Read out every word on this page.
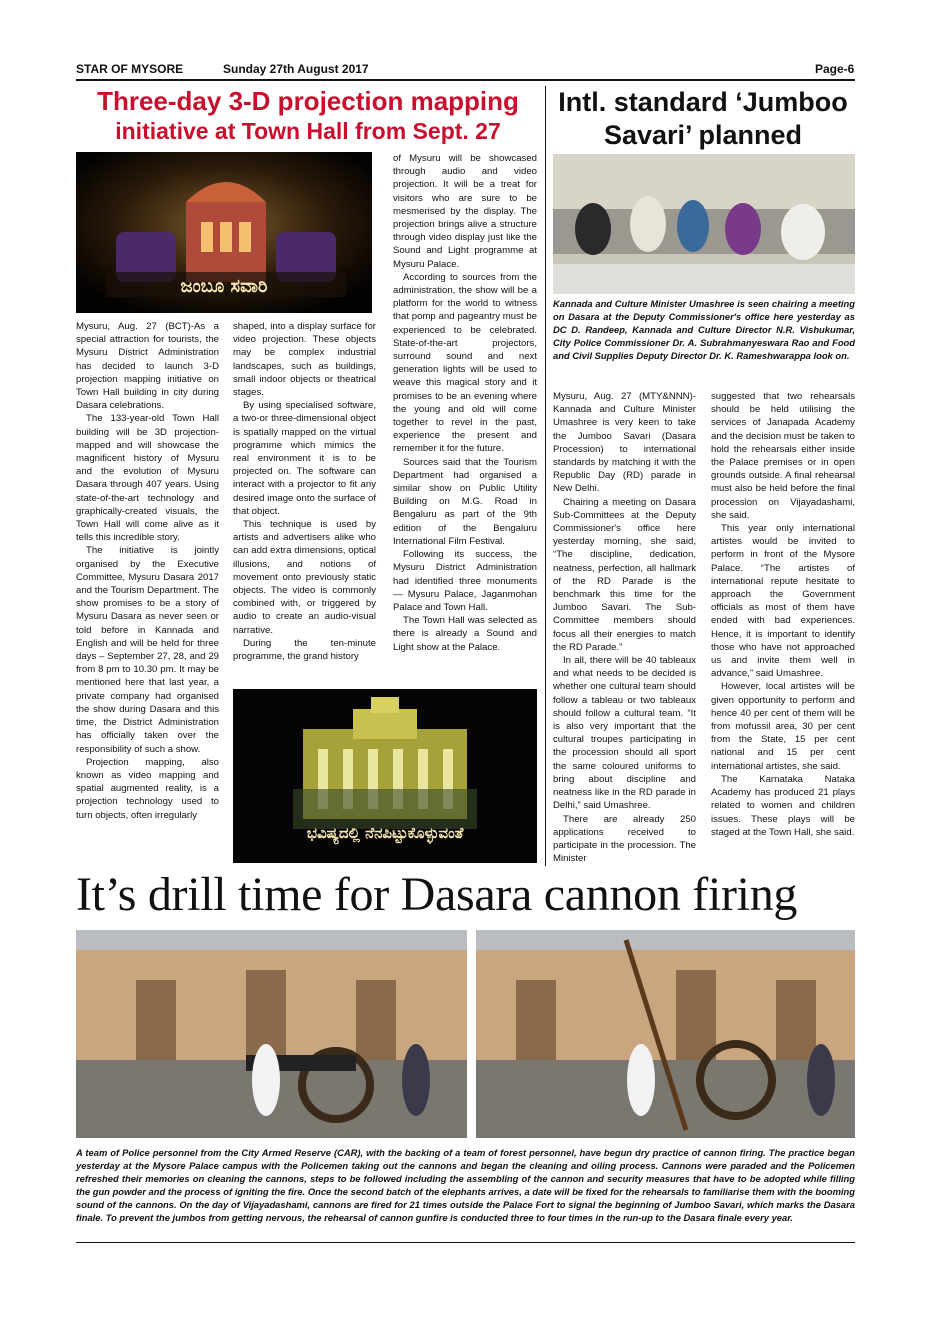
STAR OF MYSORE	Sunday 27th August 2017	Page-6
Three-day 3-D projection mapping
initiative at Town Hall from Sept. 27
Intl. standard ‘Jumboo
Savari’ planned
ಜಂಬೂ ಸವಾರಿ
ಭವಿಷ್ಯದಲ್ಲಿ ನೆನಪಿಟ್ಟುಕೊಳ್ಳುವಂತೆ

Mysuru, Aug. 27 (BCT)-As a special attraction for tourists, the Mysuru District Administration has decided to launch 3-D projection mapping initiative on Town Hall building in city during Dasara celebrations.

The 133-year-old Town Hall building will be 3D projection-mapped and will showcase the magnificent history of Mysuru and the evolution of Mysuru Dasara through 407 years. Using state-of-the-art technology and graphically-created visuals, the Town Hall will come alive as it tells this incredible story.

The initiative is jointly organised by the Executive Committee, Mysuru Dasara 2017 and the Tourism Department. The show promises to be a story of Mysuru Dasara as never seen or told before in Kannada and English and will be held for three days – September 27, 28, and 29 from 8 pm to 10.30 pm. It may be mentioned here that last year, a private company had organised the show during Dasara and this time, the District Administration has officially taken over the responsibility of such a show.

Projection mapping, also known as video mapping and spatial augmented reality, is a projection technology used to turn objects, often irregularly

shaped, into a display surface for video projection. These objects may be complex industrial landscapes, such as buildings, small indoor objects or theatrical stages.

By using specialised software, a two-or three-dimensional object is spatially mapped on the virtual programme which mimics the real environment it is to be projected on. The software can interact with a projector to fit any desired image onto the surface of that object.

This technique is used by artists and advertisers alike who can add extra dimensions, optical illusions, and notions of movement onto previously static objects. The video is commonly combined with, or triggered by audio to create an audio-visual narrative.

During the ten-minute programme, the grand history

of Mysuru will be showcased through audio and video projection. It will be a treat for visitors who are sure to be mesmerised by the display. The projection brings alive a structure through video display just like the Sound and Light programme at Mysuru Palace.

According to sources from the administration, the show will be a platform for the world to witness that pomp and pageantry must be experienced to be celebrated. State-of-the-art projectors, surround sound and next generation lights will be used to weave this magical story and it promises to be an evening where the young and old will come together to revel in the past, experience the present and remember it for the future.

Sources said that the Tourism Department had organised a similar show on Public Utility Building on M.G. Road in Bengaluru as part of the 9th edition of the Bengaluru International Film Festival.

Following its success, the Mysuru District Administration had identified three monuments — Mysuru Palace, Jaganmohan Palace and Town Hall.

The Town Hall was selected as there is already a Sound and Light show at the Palace.

Kannada and Culture Minister Umashree is seen chairing a meeting on Dasara at the Deputy Commissioner's office here yesterday as DC D. Randeep, Kannada and Culture Director N.R. Vishukumar, City Police Commissioner Dr. A. Subrahmanyeswara Rao and Food and Civil Supplies Deputy Director Dr. K. Rameshwarappa look on.

Mysuru, Aug. 27 (MTY&NNN)- Kannada and Culture Minister Umashree is very keen to take the Jumboo Savari (Dasara Procession) to international standards by matching it with the Republic Day (RD) parade in New Delhi.

Chairing a meeting on Dasara Sub-Committees at the Deputy Commissioner's office here yesterday morning, she said, “The discipline, dedication, neatness, perfection, all hallmark of the RD Parade is the benchmark this time for the Jumboo Savari. The Sub-Committee members should focus all their energies to match the RD Parade.”

In all, there will be 40 tableaux and what needs to be decided is whether one cultural team should follow a tableau or two tableaux should follow a cultural team. “It is also very important that the cultural troupes participating in the procession should all sport the same coloured uniforms to bring about discipline and neatness like in the RD parade in Delhi,” said Umashree.

There are already 250 applications received to participate in the procession. The Minister

suggested that two rehearsals should be held utilising the services of Janapada Academy and the decision must be taken to hold the rehearsals either inside the Palace premises or in open grounds outside. A final rehearsal must also be held before the final procession on Vijayadashami, she said.

This year only international artistes would be invited to perform in front of the Mysore Palace. “The artistes of international repute hesitate to approach the Government officials as most of them have ended with bad experiences. Hence, it is important to identify those who have not approached us and invite them well in advance,” said Umashree.

However, local artistes will be given opportunity to perform and hence 40 per cent of them will be from mofussil area, 30 per cent from the State, 15 per cent national and 15 per cent international artistes, she said.

The Karnataka Nataka Academy has produced 21 plays related to women and children issues. These plays will be staged at the Town Hall, she said.

It’s drill time for Dasara cannon firing
A team of Police personnel from the City Armed Reserve (CAR), with the backing of a team of forest personnel, have begun dry practice of cannon firing. The practice began yesterday at the Mysore Palace campus with the Policemen taking out the cannons and began the cleaning and oiling process. Cannons were paraded and the Policemen refreshed their memories on cleaning the cannons, steps to be followed including the assembling of the cannon and security measures that have to be adopted while filling the gun powder and the process of igniting the fire. Once the second batch of the elephants arrives, a date will be fixed for the rehearsals to familiarise them with the booming sound of the cannons. On the day of Vijayadashami, cannons are fired for 21 times outside the Palace Fort to signal the beginning of Jumboo Savari, which marks the Dasara finale. To prevent the jumbos from getting nervous, the rehearsal of cannon gunfire is conducted three to four times in the run-up to the Dasara finale every year.
